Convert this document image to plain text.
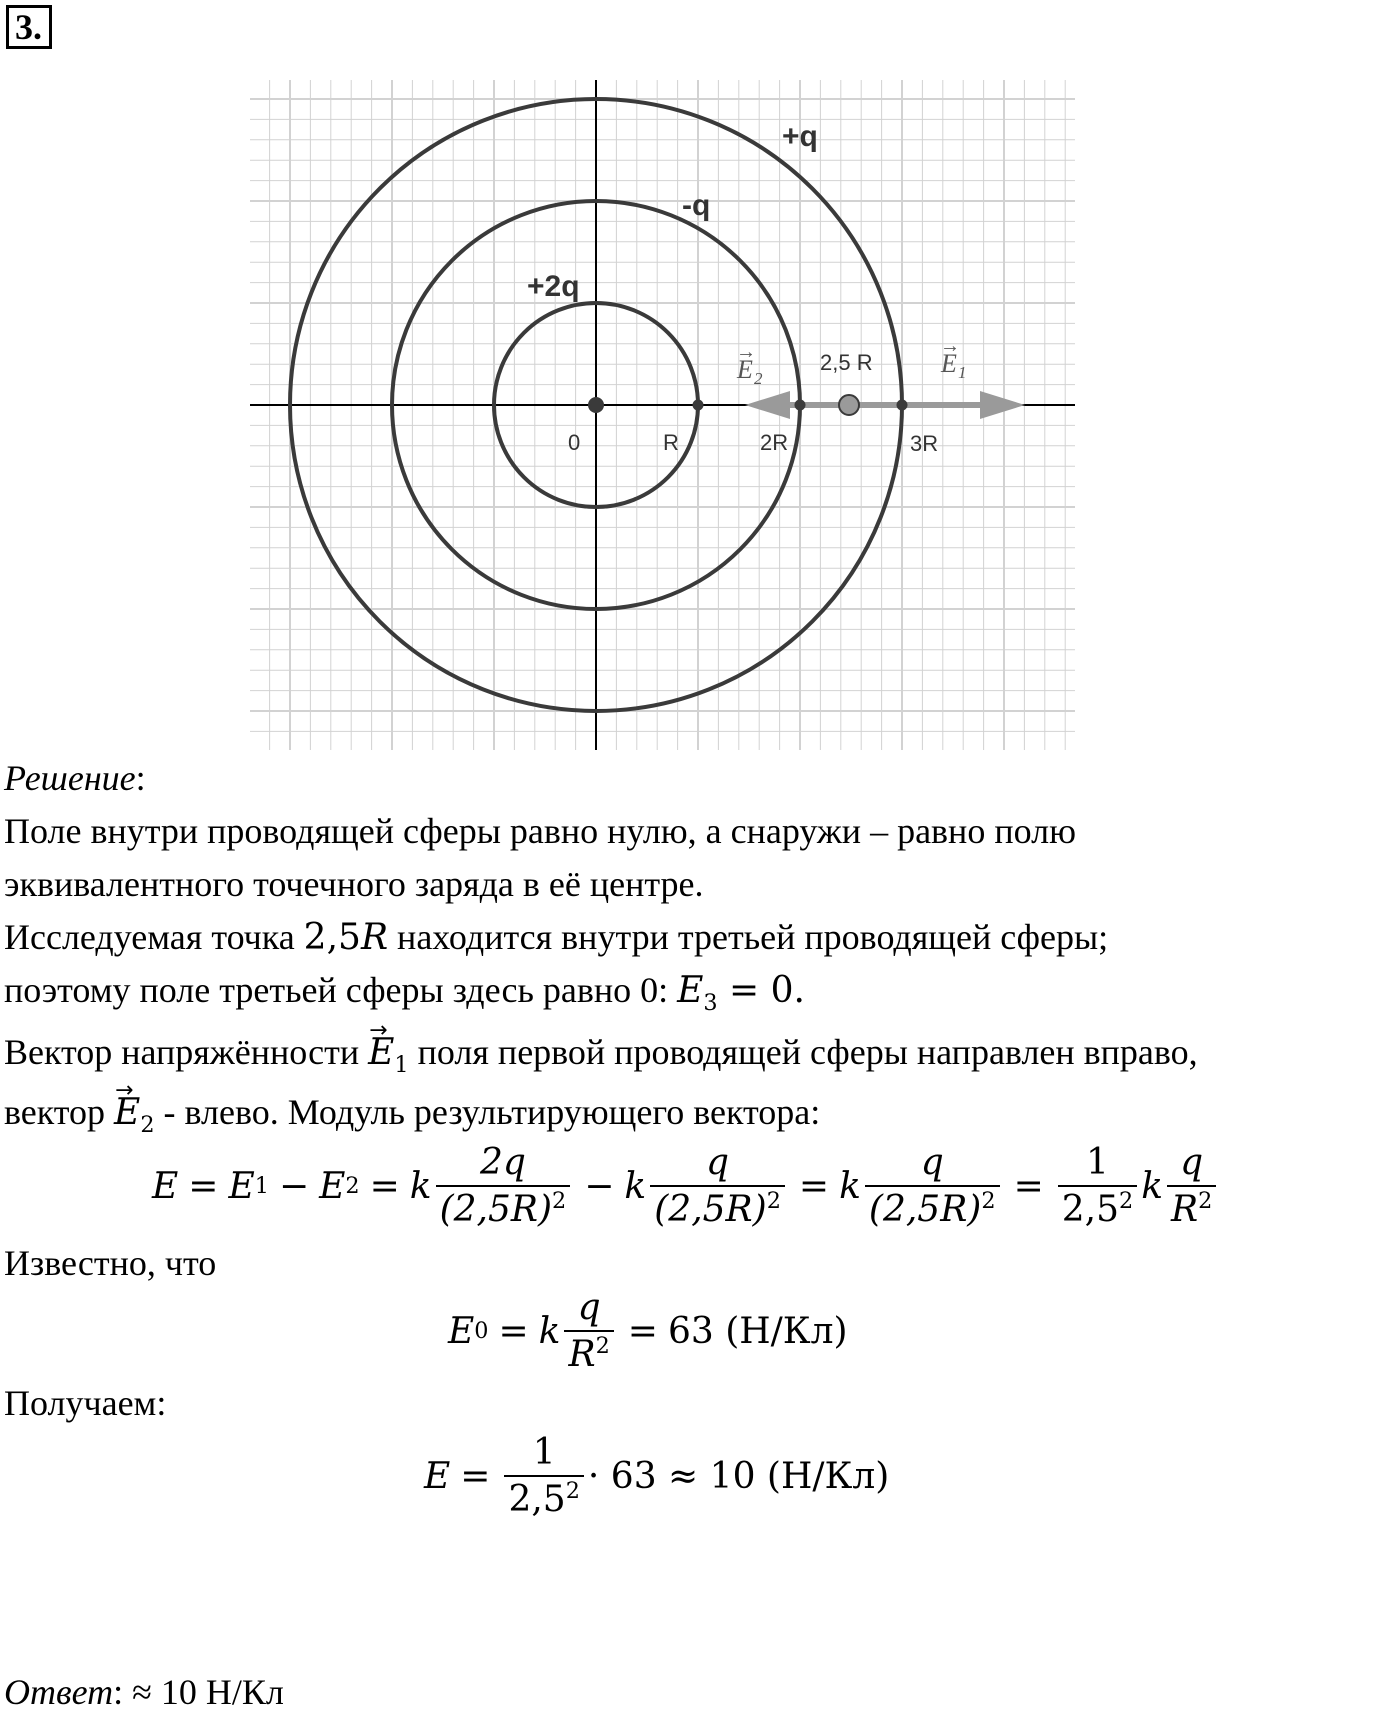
3.
+q
-q
+2q
0	R	2R	3R
2,5 R
E 2
→	E 1
→
Решение:
Поле внутри проводящей сферы равно нулю, а снаружи – равно полю
эквивалентного точечного заряда в её центре.
Исследуемая точка 2,5R находится внутри третьей проводящей сферы;
поэтому поле третьей сферы здесь равно 0: $E_3 = 0$.
Вектор напряжённости → $E_1$ поля первой проводящей сферы направлен вправо,
вектор → $E_2$ - влево. Модуль результирующего вектора:
E = E 1 − E 2 = k $\frac{2q}{(2,5R)^2} - k \frac{q}{(2,5R)^2} = k \frac{q}{(2,5R)^2} = \frac{1}{2,5^2}$ k $\frac{q}{R^2}$
Известно, что
E 0 = k $\frac{q}{R^2} = 63$ (Н/Кл)
Получаем:
$E = \frac{1}{2,5^2} \cdot 63 \approx 10$ (Н/Кл)
Ответ: ≈ 10 Н/Кл
